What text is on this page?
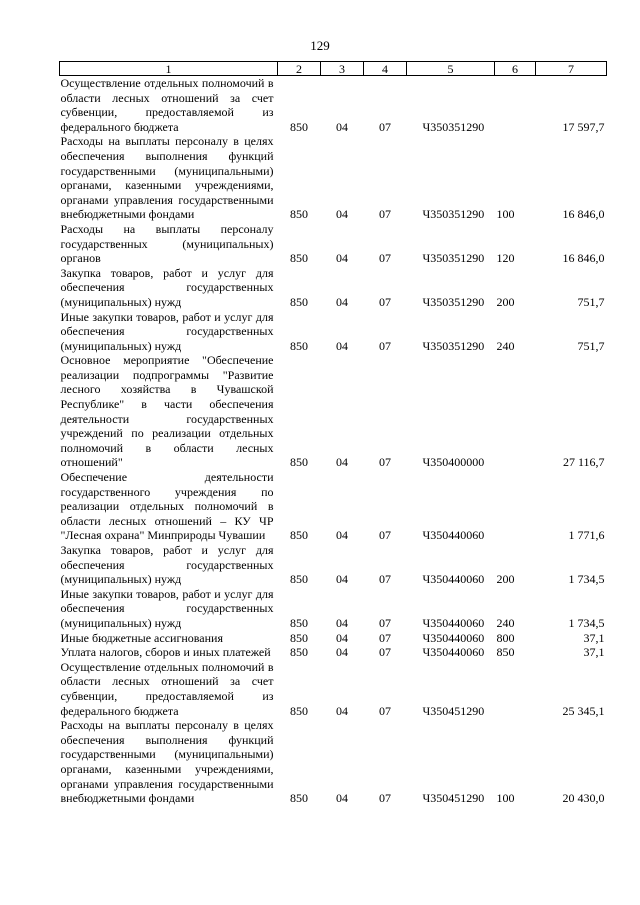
129
1	2	3	4	5	6	7
Осуществление отдельных полномочий в области лесных отношений за счет субвенции, предоставляемой из федерального бюджета	850	04	07	Ч350351290		17 597,7
Расходы на выплаты персоналу в целях обеспечения выполнения функций государственными (муниципальными) органами, казенными учреждениями, органами управления государственными внебюджетными фондами	850	04	07	Ч350351290	100	16 846,0
Расходы на выплаты персоналу государственных (муниципальных) органов	850	04	07	Ч350351290	120	16 846,0
Закупка товаров, работ и услуг для обеспечения государственных (муниципальных) нужд	850	04	07	Ч350351290	200	751,7
Иные закупки товаров, работ и услуг для обеспечения государственных (муниципальных) нужд	850	04	07	Ч350351290	240	751,7
Основное мероприятие "Обеспечение реализации подпрограммы "Развитие лесного хозяйства в Чувашской Республике" в части обеспечения деятельности государственных учреждений по реализации отдельных полномочий в области лесных отношений"	850	04	07	Ч350400000		27 116,7
Обеспечение деятельности государственного учреждения по реализации отдельных полномочий в области лесных отношений – КУ ЧР "Лесная охрана" Минприроды Чувашии	850	04	07	Ч350440060		1 771,6
Закупка товаров, работ и услуг для обеспечения государственных (муниципальных) нужд	850	04	07	Ч350440060	200	1 734,5
Иные закупки товаров, работ и услуг для обеспечения государственных (муниципальных) нужд	850	04	07	Ч350440060	240	1 734,5
Иные бюджетные ассигнования	850	04	07	Ч350440060	800	37,1
Уплата налогов, сборов и иных платежей	850	04	07	Ч350440060	850	37,1
Осуществление отдельных полномочий в области лесных отношений за счет субвенции, предоставляемой из федерального бюджета	850	04	07	Ч350451290		25 345,1
Расходы на выплаты персоналу в целях обеспечения выполнения функций государственными (муниципальными) органами, казенными учреждениями, органами управления государственными внебюджетными фондами	850	04	07	Ч350451290	100	20 430,0
